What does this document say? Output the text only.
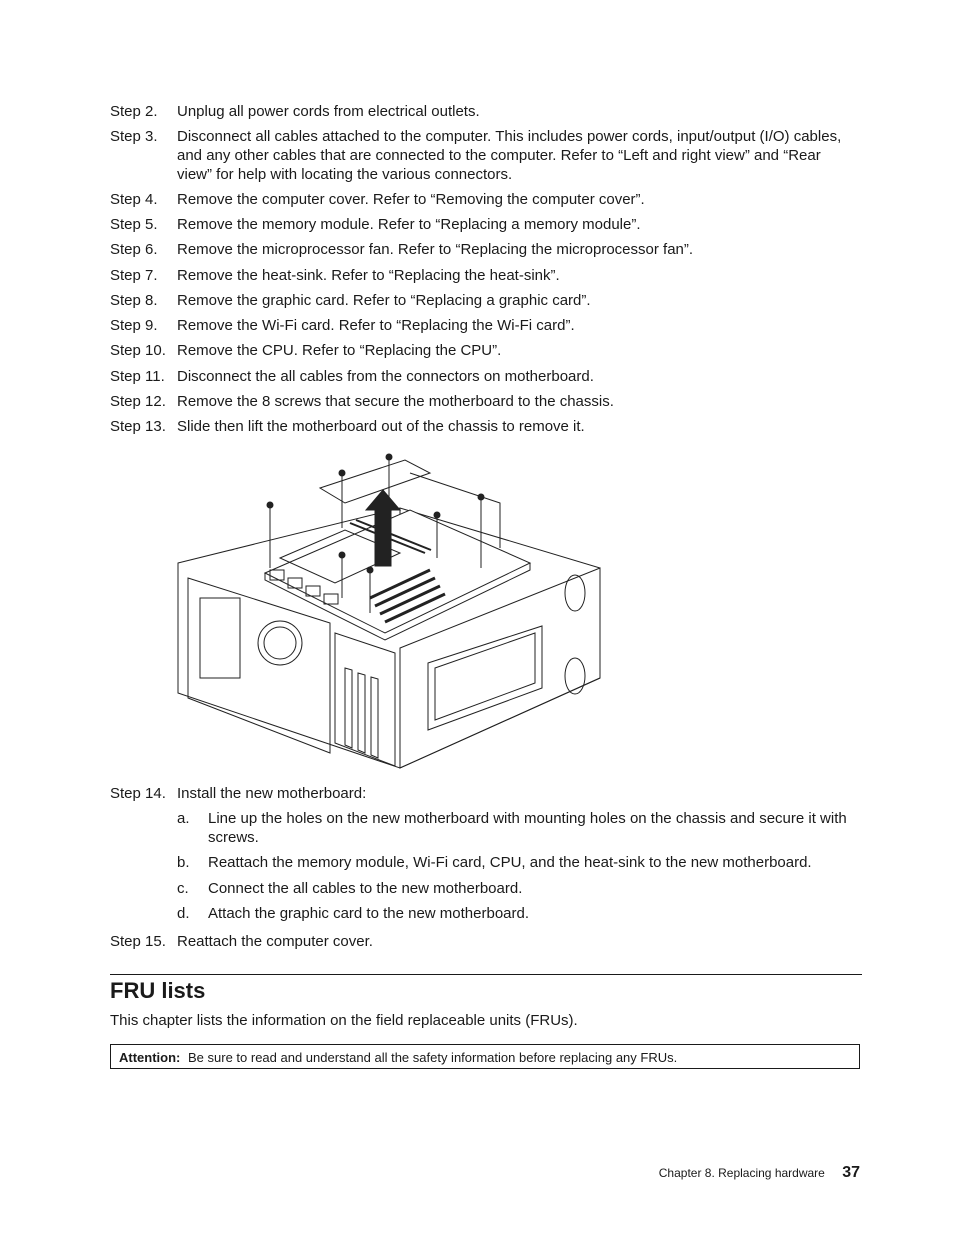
Step 2. Unplug all power cords from electrical outlets.
Step 3. Disconnect all cables attached to the computer. This includes power cords, input/output (I/O) cables, and any other cables that are connected to the computer. Refer to “Left and right view” and “Rear view” for help with locating the various connectors.
Step 4. Remove the computer cover. Refer to “Removing the computer cover”.
Step 5. Remove the memory module. Refer to “Replacing a memory module”.
Step 6. Remove the microprocessor fan. Refer to “Replacing the microprocessor fan”.
Step 7. Remove the heat-sink. Refer to “Replacing the heat-sink”.
Step 8. Remove the graphic card. Refer to “Replacing a graphic card”.
Step 9. Remove the Wi-Fi card. Refer to “Replacing the Wi-Fi card”.
Step 10. Remove the CPU. Refer to “Replacing the CPU”.
Step 11. Disconnect the all cables from the connectors on motherboard.
Step 12. Remove the 8 screws that secure the motherboard to the chassis.
Step 13. Slide then lift the motherboard out of the chassis to remove it.
Step 14. Install the new motherboard:
a. Line up the holes on the new motherboard with mounting holes on the chassis and secure it with screws.
b. Reattach the memory module, Wi-Fi card, CPU, and the heat-sink to the new motherboard.
c. Connect the all cables to the new motherboard.
d. Attach the graphic card to the new motherboard.
Step 15. Reattach the computer cover.
FRU lists
This chapter lists the information on the field replaceable units (FRUs).
Attention: Be sure to read and understand all the safety information before replacing any FRUs.
Chapter 8. Replacing hardware 37
